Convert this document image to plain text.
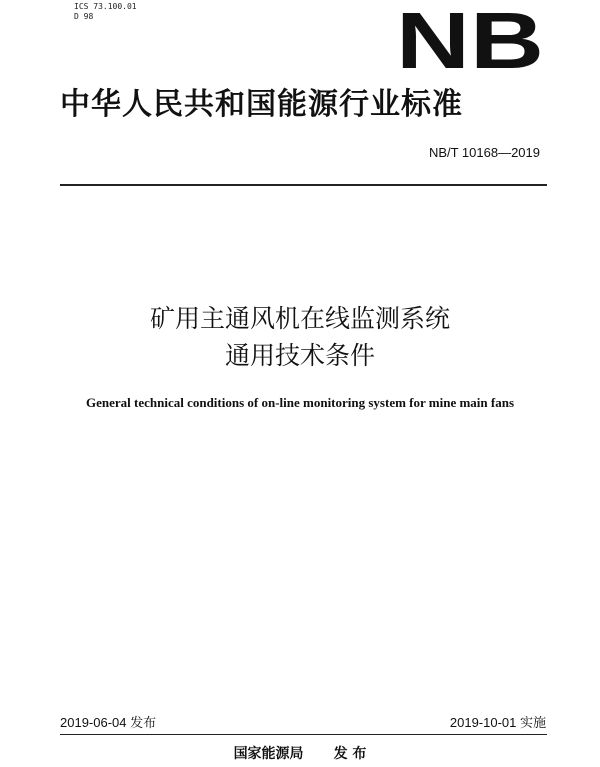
ICS 73.100.01
D 98	NB
中华人民共和国能源行业标准
NB/T 10168—2019
矿用主通风机在线监测系统
通用技术条件
General technical conditions of on-line monitoring system for mine main fans
2019-06-04 发布	2019-10-01 实施
国家能源局 发 布
